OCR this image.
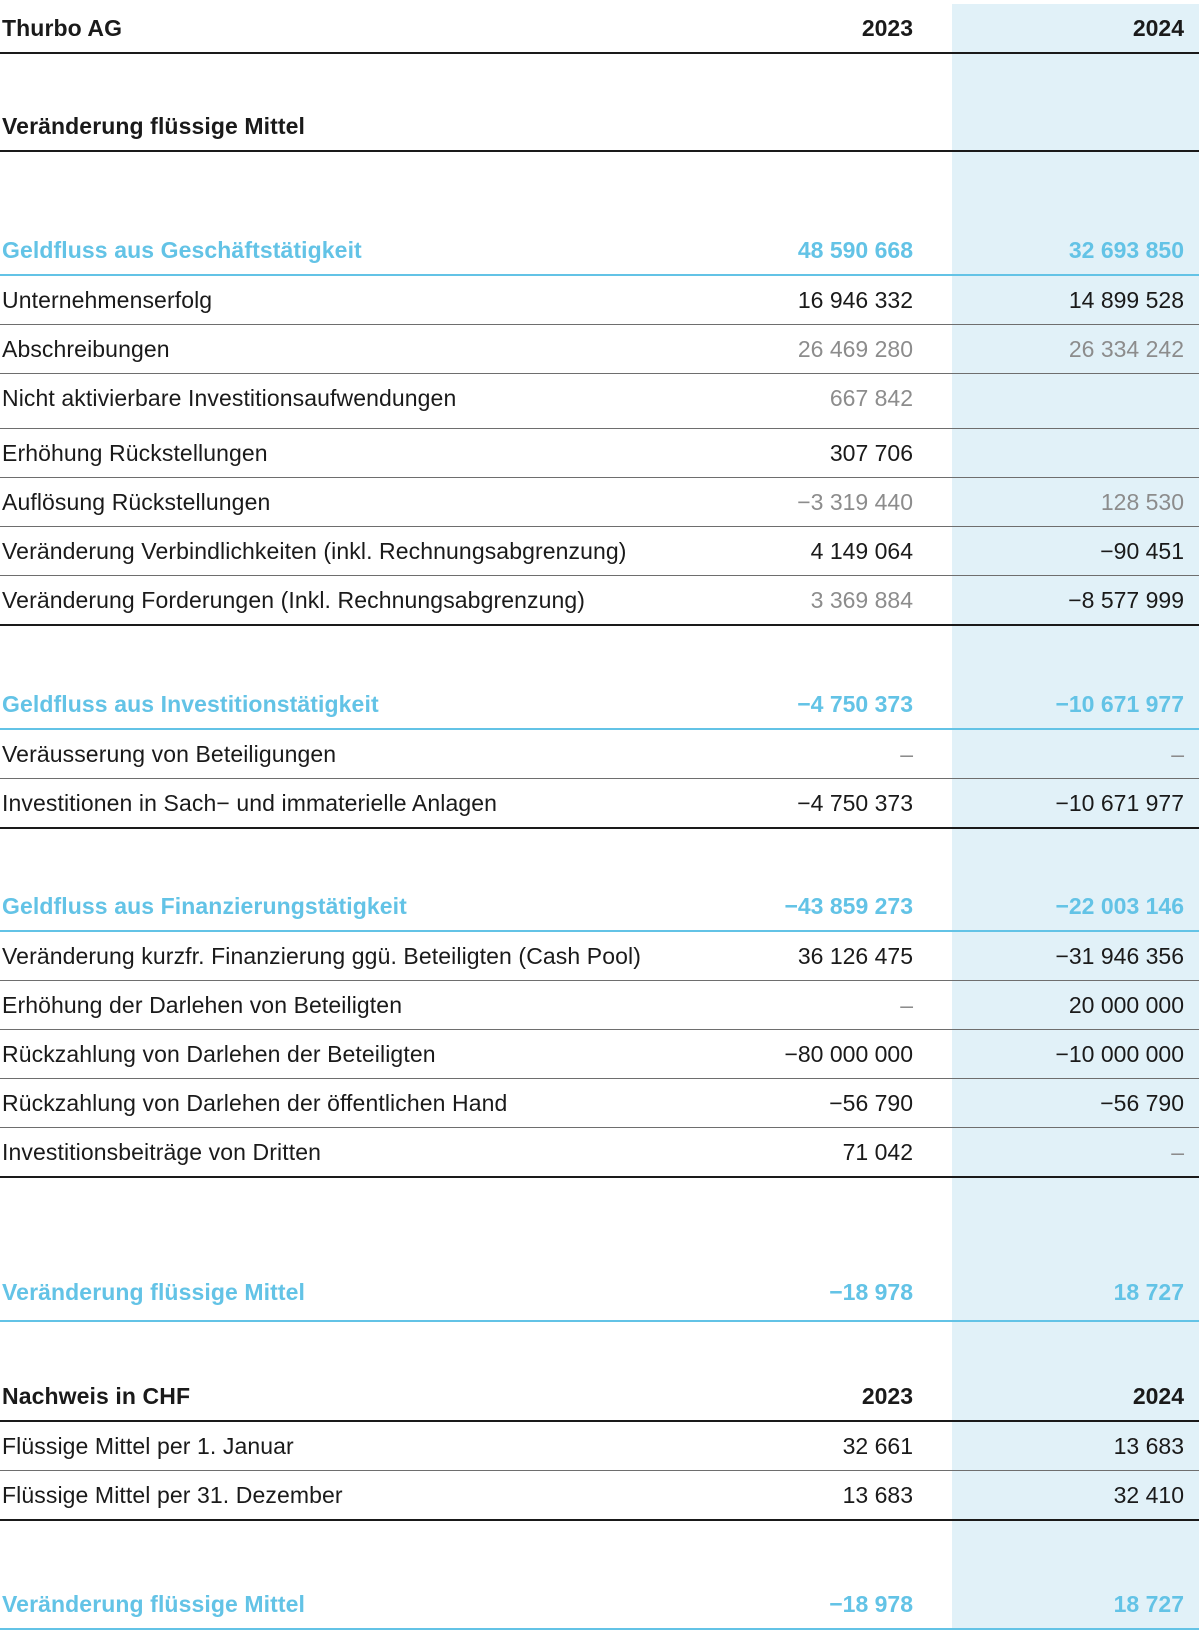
Thurbo AG	2023	2024
Veränderung flüssige Mittel
Geldfluss aus Geschäftstätigkeit	48 590 668	32 693 850
Unternehmenserfolg	16 946 332	14 899 528
Abschreibungen	26 469 280	26 334 242
Nicht aktivierbare Investitionsaufwendungen	667 842
Erhöhung Rückstellungen	307 706
Auflösung Rückstellungen	−3 319 440	128 530
Veränderung Verbindlichkeiten (inkl. Rechnungsabgrenzung)	4 149 064	−90 451
Veränderung Forderungen (Inkl. Rechnungsabgrenzung)	3 369 884	−8 577 999
Geldfluss aus Investitionstätigkeit	−4 750 373	−10 671 977
Veräusserung von Beteiligungen	–	–
Investitionen in Sach− und immaterielle Anlagen	−4 750 373	−10 671 977
Geldfluss aus Finanzierungstätigkeit	−43 859 273	−22 003 146
Veränderung kurzfr. Finanzierung ggü. Beteiligten (Cash Pool)	36 126 475	−31 946 356
Erhöhung der Darlehen von Beteiligten	–	20 000 000
Rückzahlung von Darlehen der Beteiligten	−80 000 000	−10 000 000
Rückzahlung von Darlehen der öffentlichen Hand	−56 790	−56 790
Investitionsbeiträge von Dritten	71 042	–
Veränderung flüssige Mittel	−18 978	18 727
Nachweis in CHF	2023	2024
Flüssige Mittel per 1. Januar	32 661	13 683
Flüssige Mittel per 31. Dezember	13 683	32 410
Veränderung flüssige Mittel	−18 978	18 727
